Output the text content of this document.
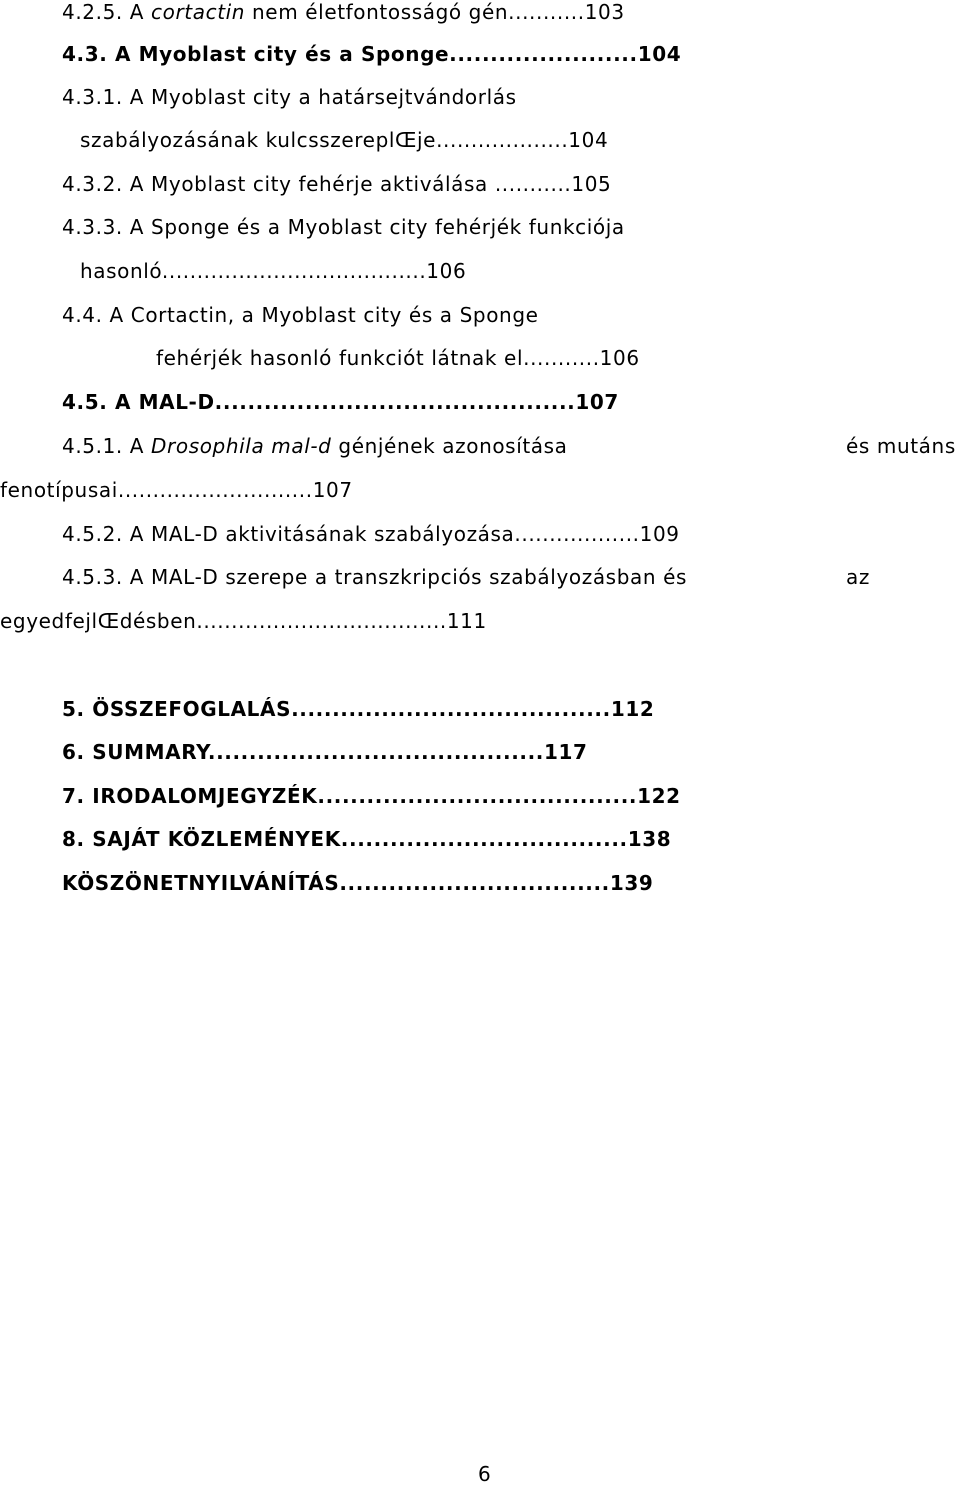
4.2.5. A cortactin nem életfontosságó gén...........103
4.3. A Myoblast city és a Sponge.......................104
4.3.1. A Myoblast city a határsejtvándorlás
szabályozásának kulcsszereplŒje...................104
4.3.2. A Myoblast city fehérje aktiválása ...........105
4.3.3. A Sponge és a Myoblast city fehérjék funkciója
hasonló......................................106
4.4. A Cortactin, a Myoblast city és a Sponge
fehérjék hasonló funkciót látnak el...........106
4.5. A MAL-D............................................107
4.5.1. A Drosophila mal-d génjének azonosítása	és mutáns
fenotípusai............................107
4.5.2. A MAL-D aktivitásának szabályozása..................109
4.5.3. A MAL-D szerepe a transzkripciós szabályozásban és	az
egyedfejlŒdésben....................................111
5. ÖSSZEFOGLALÁS.......................................112
6. SUMMARY.........................................117
7. IRODALOMJEGYZÉK.......................................122
8. SAJÁT KÖZLEMÉNYEK...................................138
KÖSZÖNETNYILVÁNÍTÁS.................................139
6
